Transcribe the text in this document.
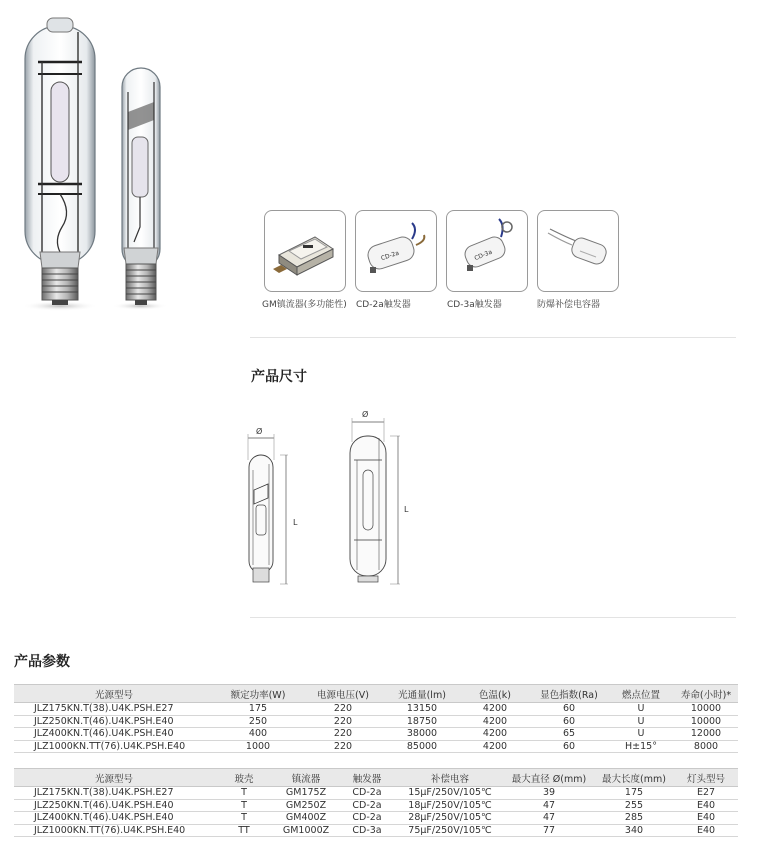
CD-2a	CD-3a
GM镇流器(多功能性) CD-2a触发器	CD-3a触发器	防爆补偿电容器
产品尺寸
Ø
L
Ø
L
产品参数
光源型号	额定功率(W)	电源电压(V)	光通量(lm)	色温(k)	显色指数(Ra)	燃点位置	寿命(小时)*
JLZ175KN.T(38).U4K.PSH.E27	175	220	13150	4200	60	U	10000
JLZ250KN.T(46).U4K.PSH.E40	250	220	18750	4200	60	U	10000
JLZ400KN.T(46).U4K.PSH.E40	400	220	38000	4200	65	U	12000
JLZ1000KN.TT(76).U4K.PSH.E40	1000	220	85000	4200	60	H±15°	8000
光源型号	玻壳	镇流器	触发器	补偿电容	最大直径 Ø(mm)	最大长度(mm)	灯头型号
JLZ175KN.T(38).U4K.PSH.E27	T	GM175Z	CD-2a	15μF/250V/105℃	39	175	E27
JLZ250KN.T(46).U4K.PSH.E40	T	GM250Z	CD-2a	18μF/250V/105℃	47	255	E40
JLZ400KN.T(46).U4K.PSH.E40	T	GM400Z	CD-2a	28μF/250V/105℃	47	285	E40
JLZ1000KN.TT(76).U4K.PSH.E40	TT	GM1000Z	CD-3a	75μF/250V/105℃	77	340	E40
